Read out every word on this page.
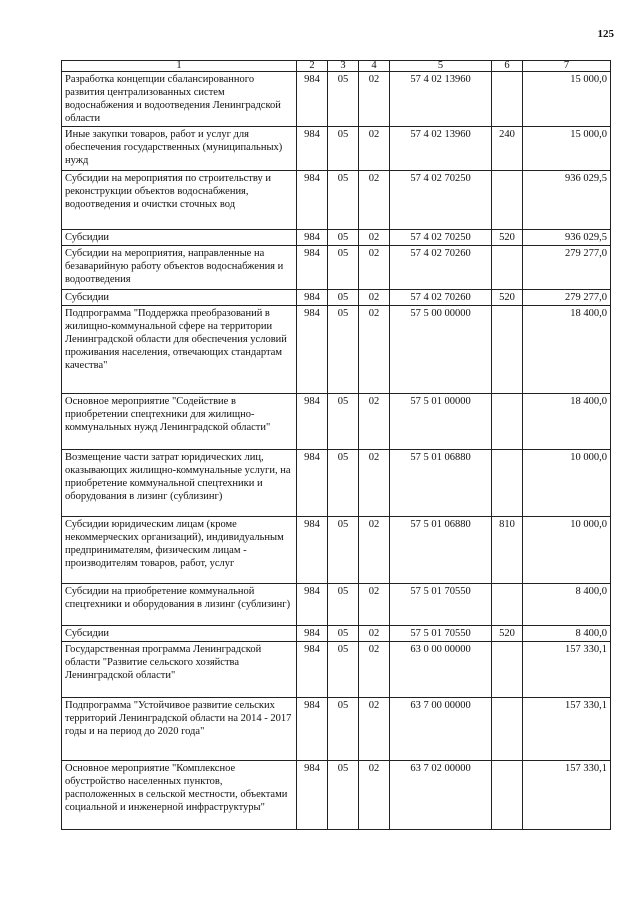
125
1	2	3	4	5	6	7
Разработка концепции сбалансированного развития централизованных систем водоснабжения и водоотведения Ленинградской области	984	05	02	57 4 02 13960		15 000,0
Иные закупки товаров, работ и услуг для обеспечения государственных (муниципальных) нужд	984	05	02	57 4 02 13960	240	15 000,0
Субсидии на мероприятия по строительству и реконструкции объектов водоснабжения, водоотведения и очистки сточных вод	984	05	02	57 4 02 70250		936 029,5
Субсидии	984	05	02	57 4 02 70250	520	936 029,5
Субсидии на мероприятия, направленные на безаварийную работу объектов водоснабжения и водоотведения	984	05	02	57 4 02 70260		279 277,0
Субсидии	984	05	02	57 4 02 70260	520	279 277,0
Подпрограмма "Поддержка преобразований в жилищно-коммунальной сфере на территории Ленинградской области для обеспечения условий проживания населения, отвечающих стандартам качества"	984	05	02	57 5 00 00000		18 400,0
Основное мероприятие "Содействие в приобретении спецтехники для жилищно-коммунальных нужд Ленинградской области"	984	05	02	57 5 01 00000		18 400,0
Возмещение части затрат юридических лиц, оказывающих жилищно-коммунальные услуги, на приобретение коммунальной спецтехники и оборудования в лизинг (сублизинг)	984	05	02	57 5 01 06880		10 000,0
Субсидии юридическим лицам (кроме некоммерческих организаций), индивидуальным предпринимателям, физическим лицам - производителям товаров, работ, услуг	984	05	02	57 5 01 06880	810	10 000,0
Субсидии на приобретение коммунальной спецтехники и оборудования в лизинг (сублизинг)	984	05	02	57 5 01 70550		8 400,0
Субсидии	984	05	02	57 5 01 70550	520	8 400,0
Государственная программа Ленинградской области "Развитие сельского хозяйства Ленинградской области"	984	05	02	63 0 00 00000		157 330,1
Подпрограмма "Устойчивое развитие сельских территорий Ленинградской области на 2014 - 2017 годы и на период до 2020 года"	984	05	02	63 7 00 00000		157 330,1
Основное мероприятие "Комплексное обустройство населенных пунктов, расположенных в сельской местности, объектами социальной и инженерной инфраструктуры"	984	05	02	63 7 02 00000		157 330,1
